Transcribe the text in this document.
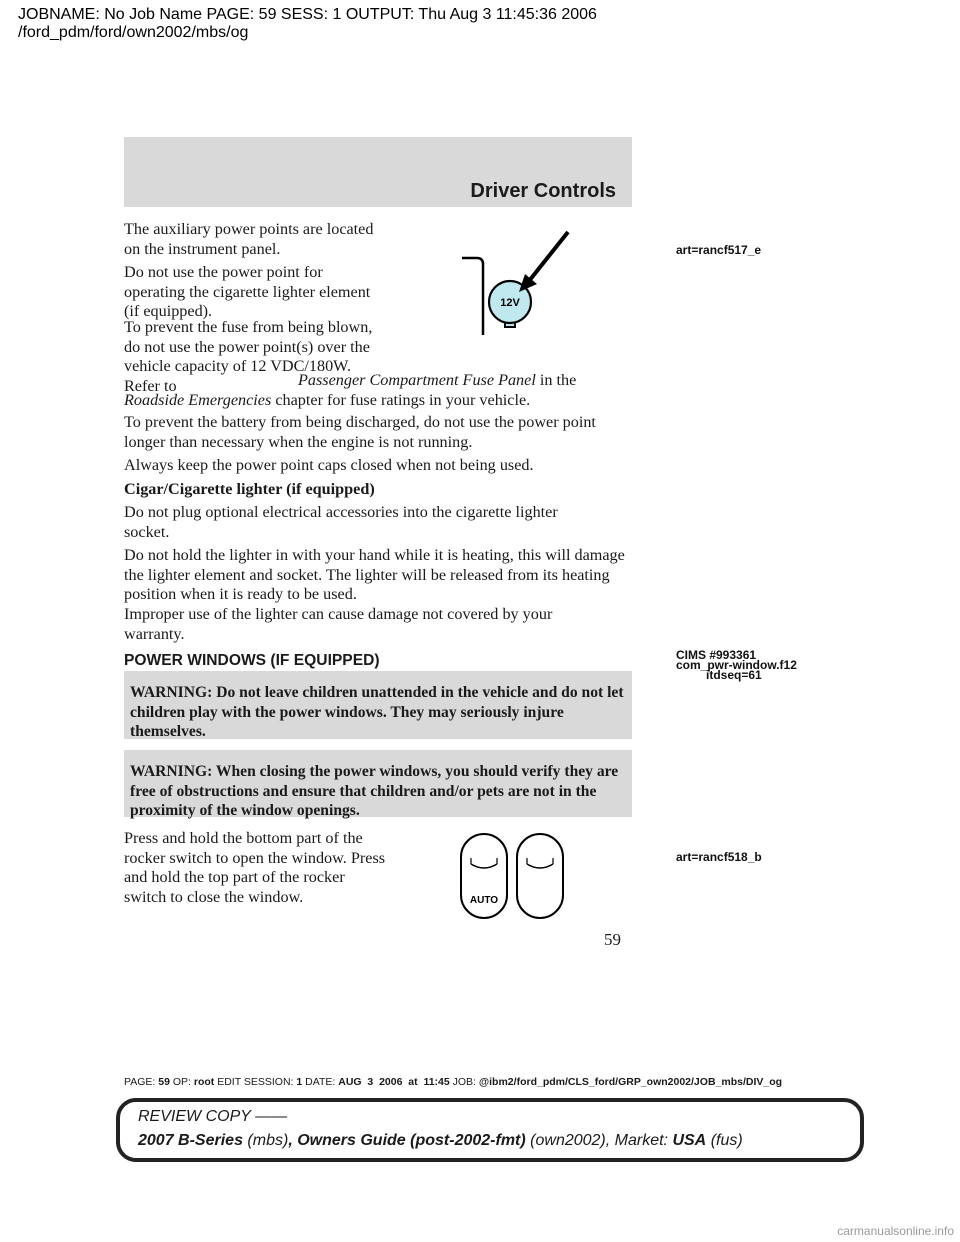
JOBNAME: No Job Name PAGE: 59 SESS: 1 OUTPUT: Thu Aug 3 11:45:36 2006
/ford_pdm/ford/own2002/mbs/og
Driver Controls
art=rancf517_e
CIMS #993361
com_pwr-window.f12
itdseq=61
art=rancf518_b
12V
The auxiliary power points are located on the instrument panel.
Do not use the power point for operating the cigarette lighter element (if equipped).
To prevent the fuse from being blown, do not use the power point(s) over the vehicle capacity of 12 VDC/180W. Refer to	Passenger Compartment Fuse Panel in the
Roadside Emergencies chapter for fuse ratings in your vehicle.
To prevent the battery from being discharged, do not use the power point longer than necessary when the engine is not running.
Always keep the power point caps closed when not being used.
Cigar/Cigarette lighter (if equipped)
Do not plug optional electrical accessories into the cigarette lighter socket.
Do not hold the lighter in with your hand while it is heating, this will damage the lighter element and socket. The lighter will be released from its heating position when it is ready to be used.
Improper use of the lighter can cause damage not covered by your warranty.
POWER WINDOWS (IF EQUIPPED)
WARNING: Do not leave children unattended in the vehicle and do not let children play with the power windows. They may seriously injure themselves.
WARNING: When closing the power windows, you should verify they are free of obstructions and ensure that children and/or pets are not in the proximity of the window openings.
Press and hold the bottom part of the rocker switch to open the window. Press and hold the top part of the rocker switch to close the window.	AUTO
59
PAGE: 59 OP: root EDIT SESSION: 1 DATE: AUG  3  2006  at  11:45 JOB: @ibm2/ford_pdm/CLS_ford/GRP_own2002/JOB_mbs/DIV_og
REVIEW COPY ——
2007 B-Series (mbs), Owners Guide (post-2002-fmt) (own2002), Market: USA (fus)
carmanualsonline.info
